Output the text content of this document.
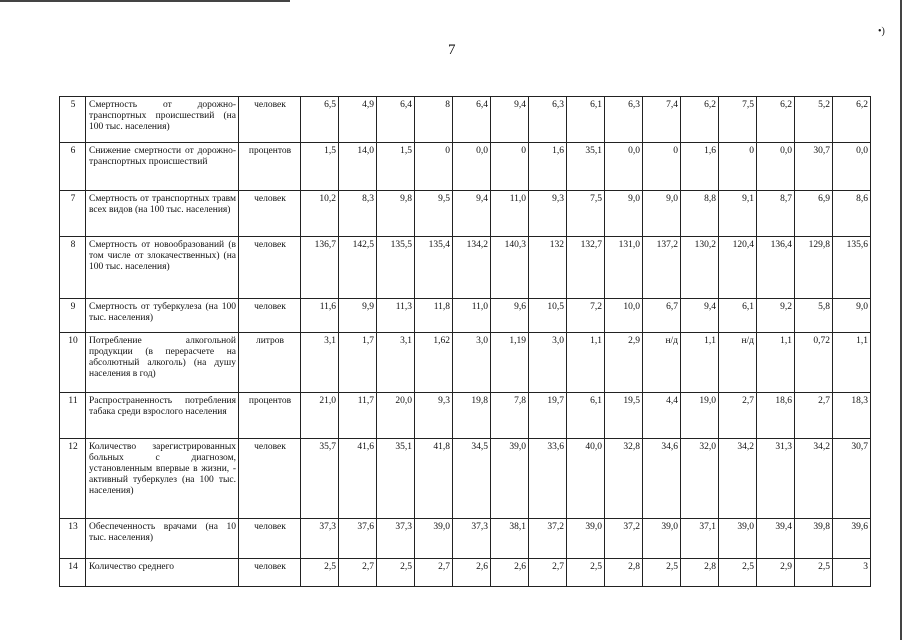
7
•)
5	Смертность от дорожно-транспортных происшествий (на 100 тыс. населения)	человек	6,5	4,9	6,4	8	6,4	9,4	6,3	6,1	6,3	7,4	6,2	7,5	6,2	5,2	6,2
6	Снижение смертности от дорожно-транспортных происшествий	процентов	1,5	14,0	1,5	0	0,0	0	1,6	35,1	0,0	0	1,6	0	0,0	30,7	0,0
7	Смертность от транспортных травм всех видов (на 100 тыс. населения)	человек	10,2	8,3	9,8	9,5	9,4	11,0	9,3	7,5	9,0	9,0	8,8	9,1	8,7	6,9	8,6
8	Смертность от новообразований (в том числе от злокачественных) (на 100 тыс. населения)	человек	136,7	142,5	135,5	135,4	134,2	140,3	132	132,7	131,0	137,2	130,2	120,4	136,4	129,8	135,6
9	Смертность от туберкулеза (на 100 тыс. населения)	человек	11,6	9,9	11,3	11,8	11,0	9,6	10,5	7,2	10,0	6,7	9,4	6,1	9,2	5,8	9,0
10	Потребление алкогольной продукции (в перерасчете на абсолютный алкоголь) (на душу населения в год)	литров	3,1	1,7	3,1	1,62	3,0	1,19	3,0	1,1	2,9	н/д	1,1	н/д	1,1	0,72	1,1
11	Распространенность потребления табака среди взрослого населения	процентов	21,0	11,7	20,0	9,3	19,8	7,8	19,7	6,1	19,5	4,4	19,0	2,7	18,6	2,7	18,3
12	Количество зарегистрированных больных с диагнозом, установленным впервые в жизни, - активный туберкулез (на 100 тыс. населения)	человек	35,7	41,6	35,1	41,8	34,5	39,0	33,6	40,0	32,8	34,6	32,0	34,2	31,3	34,2	30,7
13	Обеспеченность врачами (на 10 тыс. населения)	человек	37,3	37,6	37,3	39,0	37,3	38,1	37,2	39,0	37,2	39,0	37,1	39,0	39,4	39,8	39,6
14	Количество среднего	человек	2,5	2,7	2,5	2,7	2,6	2,6	2,7	2,5	2,8	2,5	2,8	2,5	2,9	2,5	3
